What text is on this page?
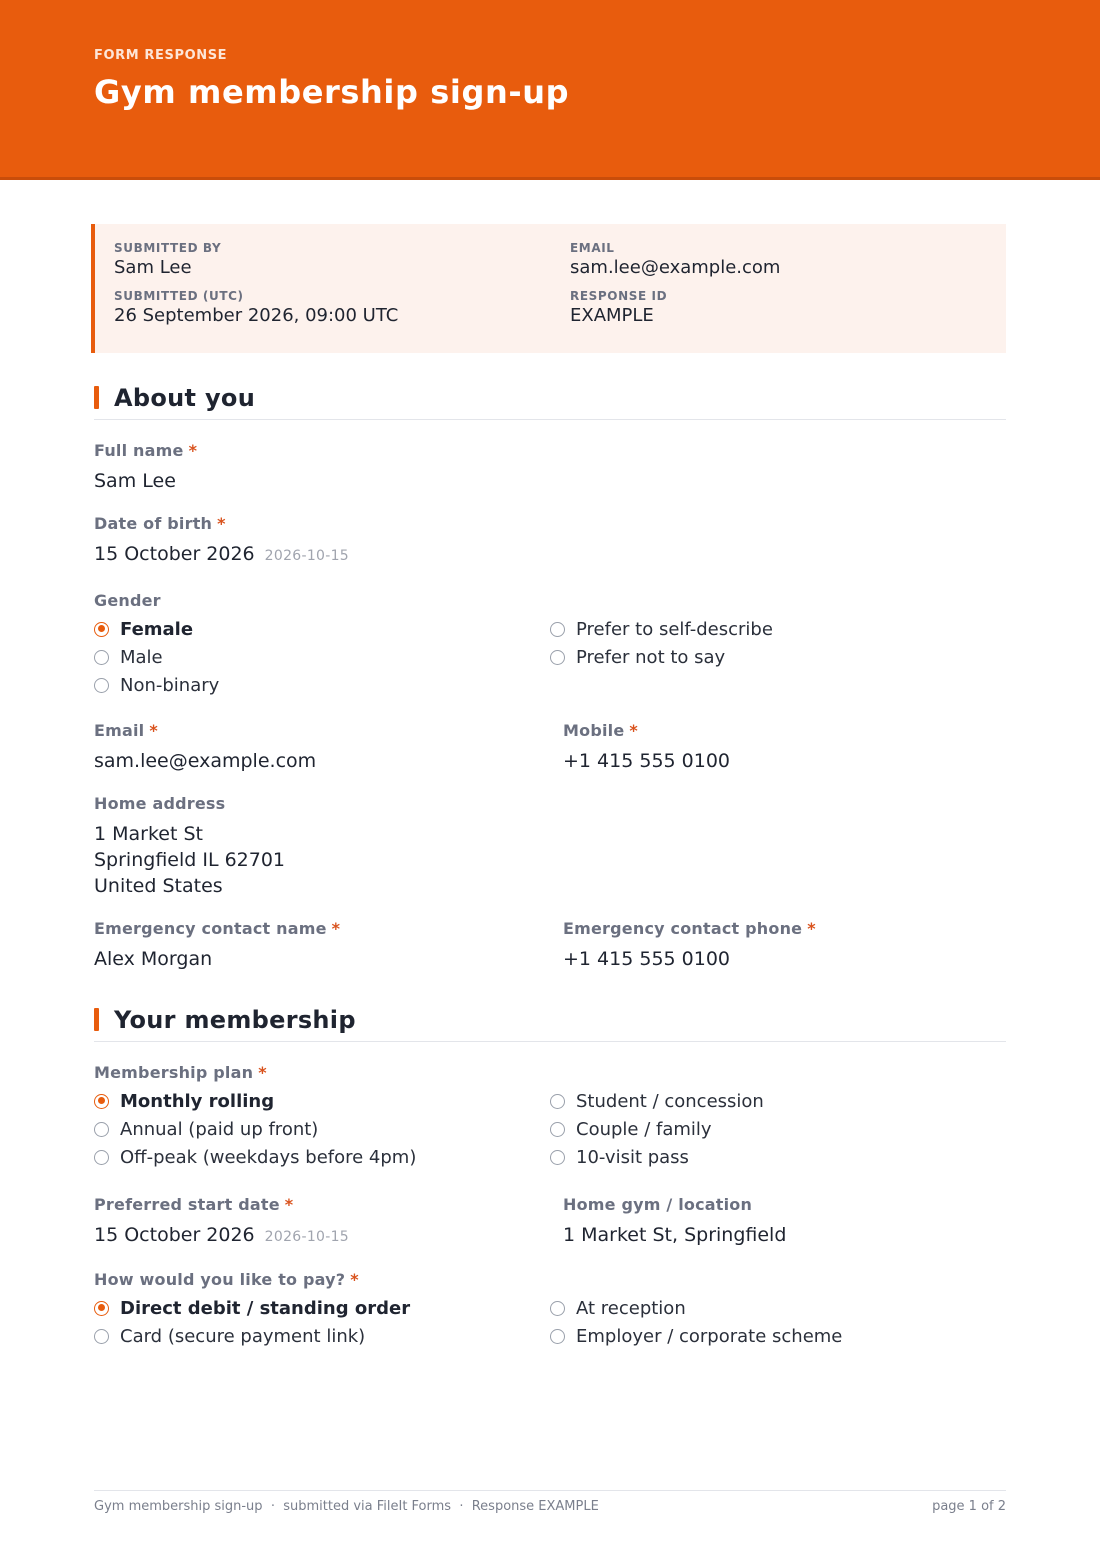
FORM RESPONSE
Gym membership sign-up
SUBMITTED BY
Sam Lee
EMAIL
sam.lee@example.com
SUBMITTED (UTC)
26 September 2026, 09:00 UTC
RESPONSE ID
EXAMPLE
About you
Full name *
Sam Lee
Date of birth *
15 October 2026 2026-10-15
Gender
Female
Male
Non-binary
Prefer to self-describe
Prefer not to say
Email *
sam.lee@example.com
Mobile *
+1 415 555 0100
Home address
1 Market St
Springfield IL 62701
United States
Emergency contact name *
Alex Morgan
Emergency contact phone *
+1 415 555 0100
Your membership
Membership plan *
Monthly rolling
Annual (paid up front)
Off-peak (weekdays before 4pm)
Student / concession
Couple / family
10-visit pass
Preferred start date *
15 October 2026 2026-10-15
Home gym / location
1 Market St, Springfield
How would you like to pay? *
Direct debit / standing order
Card (secure payment link)
At reception
Employer / corporate scheme
Gym membership sign-up  ·  submitted via FileIt Forms  ·  Response EXAMPLE	page 1 of 2
